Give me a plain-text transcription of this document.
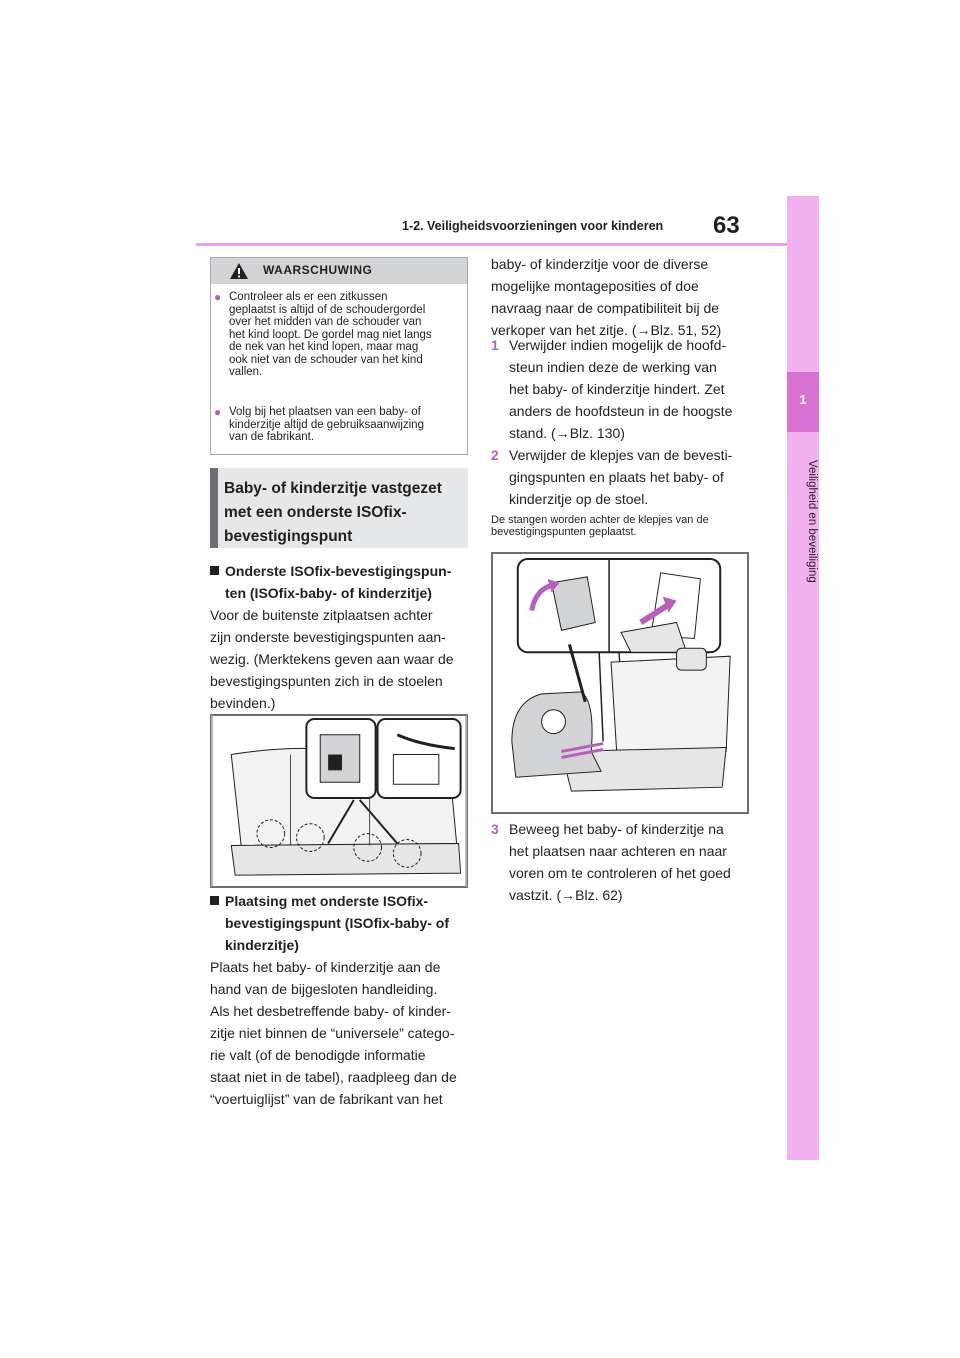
1-2. Veiligheidsvoorzieningen voor kinderen 63
1
Veiligheid en beveiliging
WAARSCHUWING
● Controleer als er een zitkussen
geplaatst is altijd of de schoudergordel
over het midden van de schouder van
het kind loopt. De gordel mag niet langs
de nek van het kind lopen, maar mag
ook niet van de schouder van het kind
vallen.
● Volg bij het plaatsen van een baby- of
kinderzitje altijd de gebruiksaanwijzing
van de fabrikant.
Baby- of kinderzitje vastgezet
met een onderste ISOfix-
bevestigingspunt
Onderste ISOfix-bevestigingspun-
ten (ISOfix-baby- of kinderzitje)
Voor de buitenste zitplaatsen achter
zijn onderste bevestigingspunten aan-
wezig. (Merktekens geven aan waar de
bevestigingspunten zich in de stoelen
bevinden.)
Plaatsing met onderste ISOfix-
bevestigingspunt (ISOfix-baby- of
kinderzitje)
Plaats het baby- of kinderzitje aan de
hand van de bijgesloten handleiding.
Als het desbetreffende baby- of kinder-
zitje niet binnen de “universele” catego-
rie valt (of de benodigde informatie
staat niet in de tabel), raadpleeg dan de
“voertuiglijst” van de fabrikant van het
baby- of kinderzitje voor de diverse
mogelijke montageposities of doe
navraag naar de compatibiliteit bij de
verkoper van het zitje. (→Blz. 51, 52)
1 Verwijder indien mogelijk de hoofd-
steun indien deze de werking van
het baby- of kinderzitje hindert. Zet
anders de hoofdsteun in de hoogste
stand. (→Blz. 130)
2 Verwijder de klepjes van de bevesti-
gingspunten en plaats het baby- of
kinderzitje op de stoel.
De stangen worden achter de klepjes van de
bevestigingspunten geplaatst.
3 Beweeg het baby- of kinderzitje na
het plaatsen naar achteren en naar
voren om te controleren of het goed
vastzit. (→Blz. 62)
